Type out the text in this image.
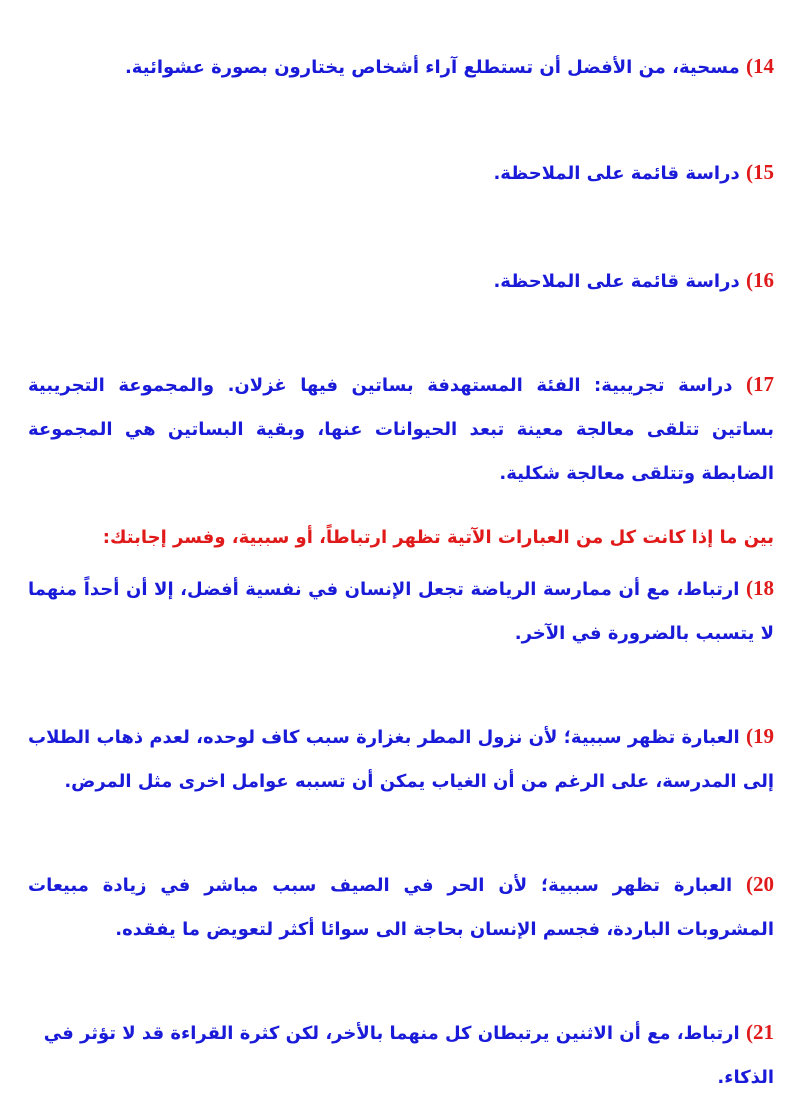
14) مسحية، من الأفضل أن تستطلع آراء أشخاص يختارون بصورة عشوائية.
15) دراسة قائمة على الملاحظة.
16) دراسة قائمة على الملاحظة.
17) دراسة تجريبية: الفئة المستهدفة بساتين فيها غزلان. والمجموعة التجريبية بساتين تتلقى معالجة معينة تبعد الحيوانات عنها، وبقية البساتين هي المجموعة الضابطة وتتلقى معالجة شكلية.
بين ما إذا كانت كل من العبارات الآتية تظهر ارتباطاً، أو سببية، وفسر إجابتك:
18) ارتباط، مع أن ممارسة الرياضة تجعل الإنسان في نفسية أفضل، إلا أن أحداً منهما لا يتسبب بالضرورة في الآخر.
19) العبارة تظهر سببية؛ لأن نزول المطر بغزارة سبب كاف لوحده، لعدم ذهاب الطلاب إلى المدرسة، على الرغم من أن الغياب يمكن أن تسببه عوامل اخرى مثل المرض.
20) العبارة تظهر سببية؛ لأن الحر في الصيف سبب مباشر في زيادة مبيعات المشروبات الباردة، فجسم الإنسان بحاجة الى سوائا أكثر لتعويض ما يفقده.
21) ارتباط، مع أن الاثنين يرتبطان كل منهما بالأخر، لكن كثرة القراءة قد لا تؤثر في الذكاء.
